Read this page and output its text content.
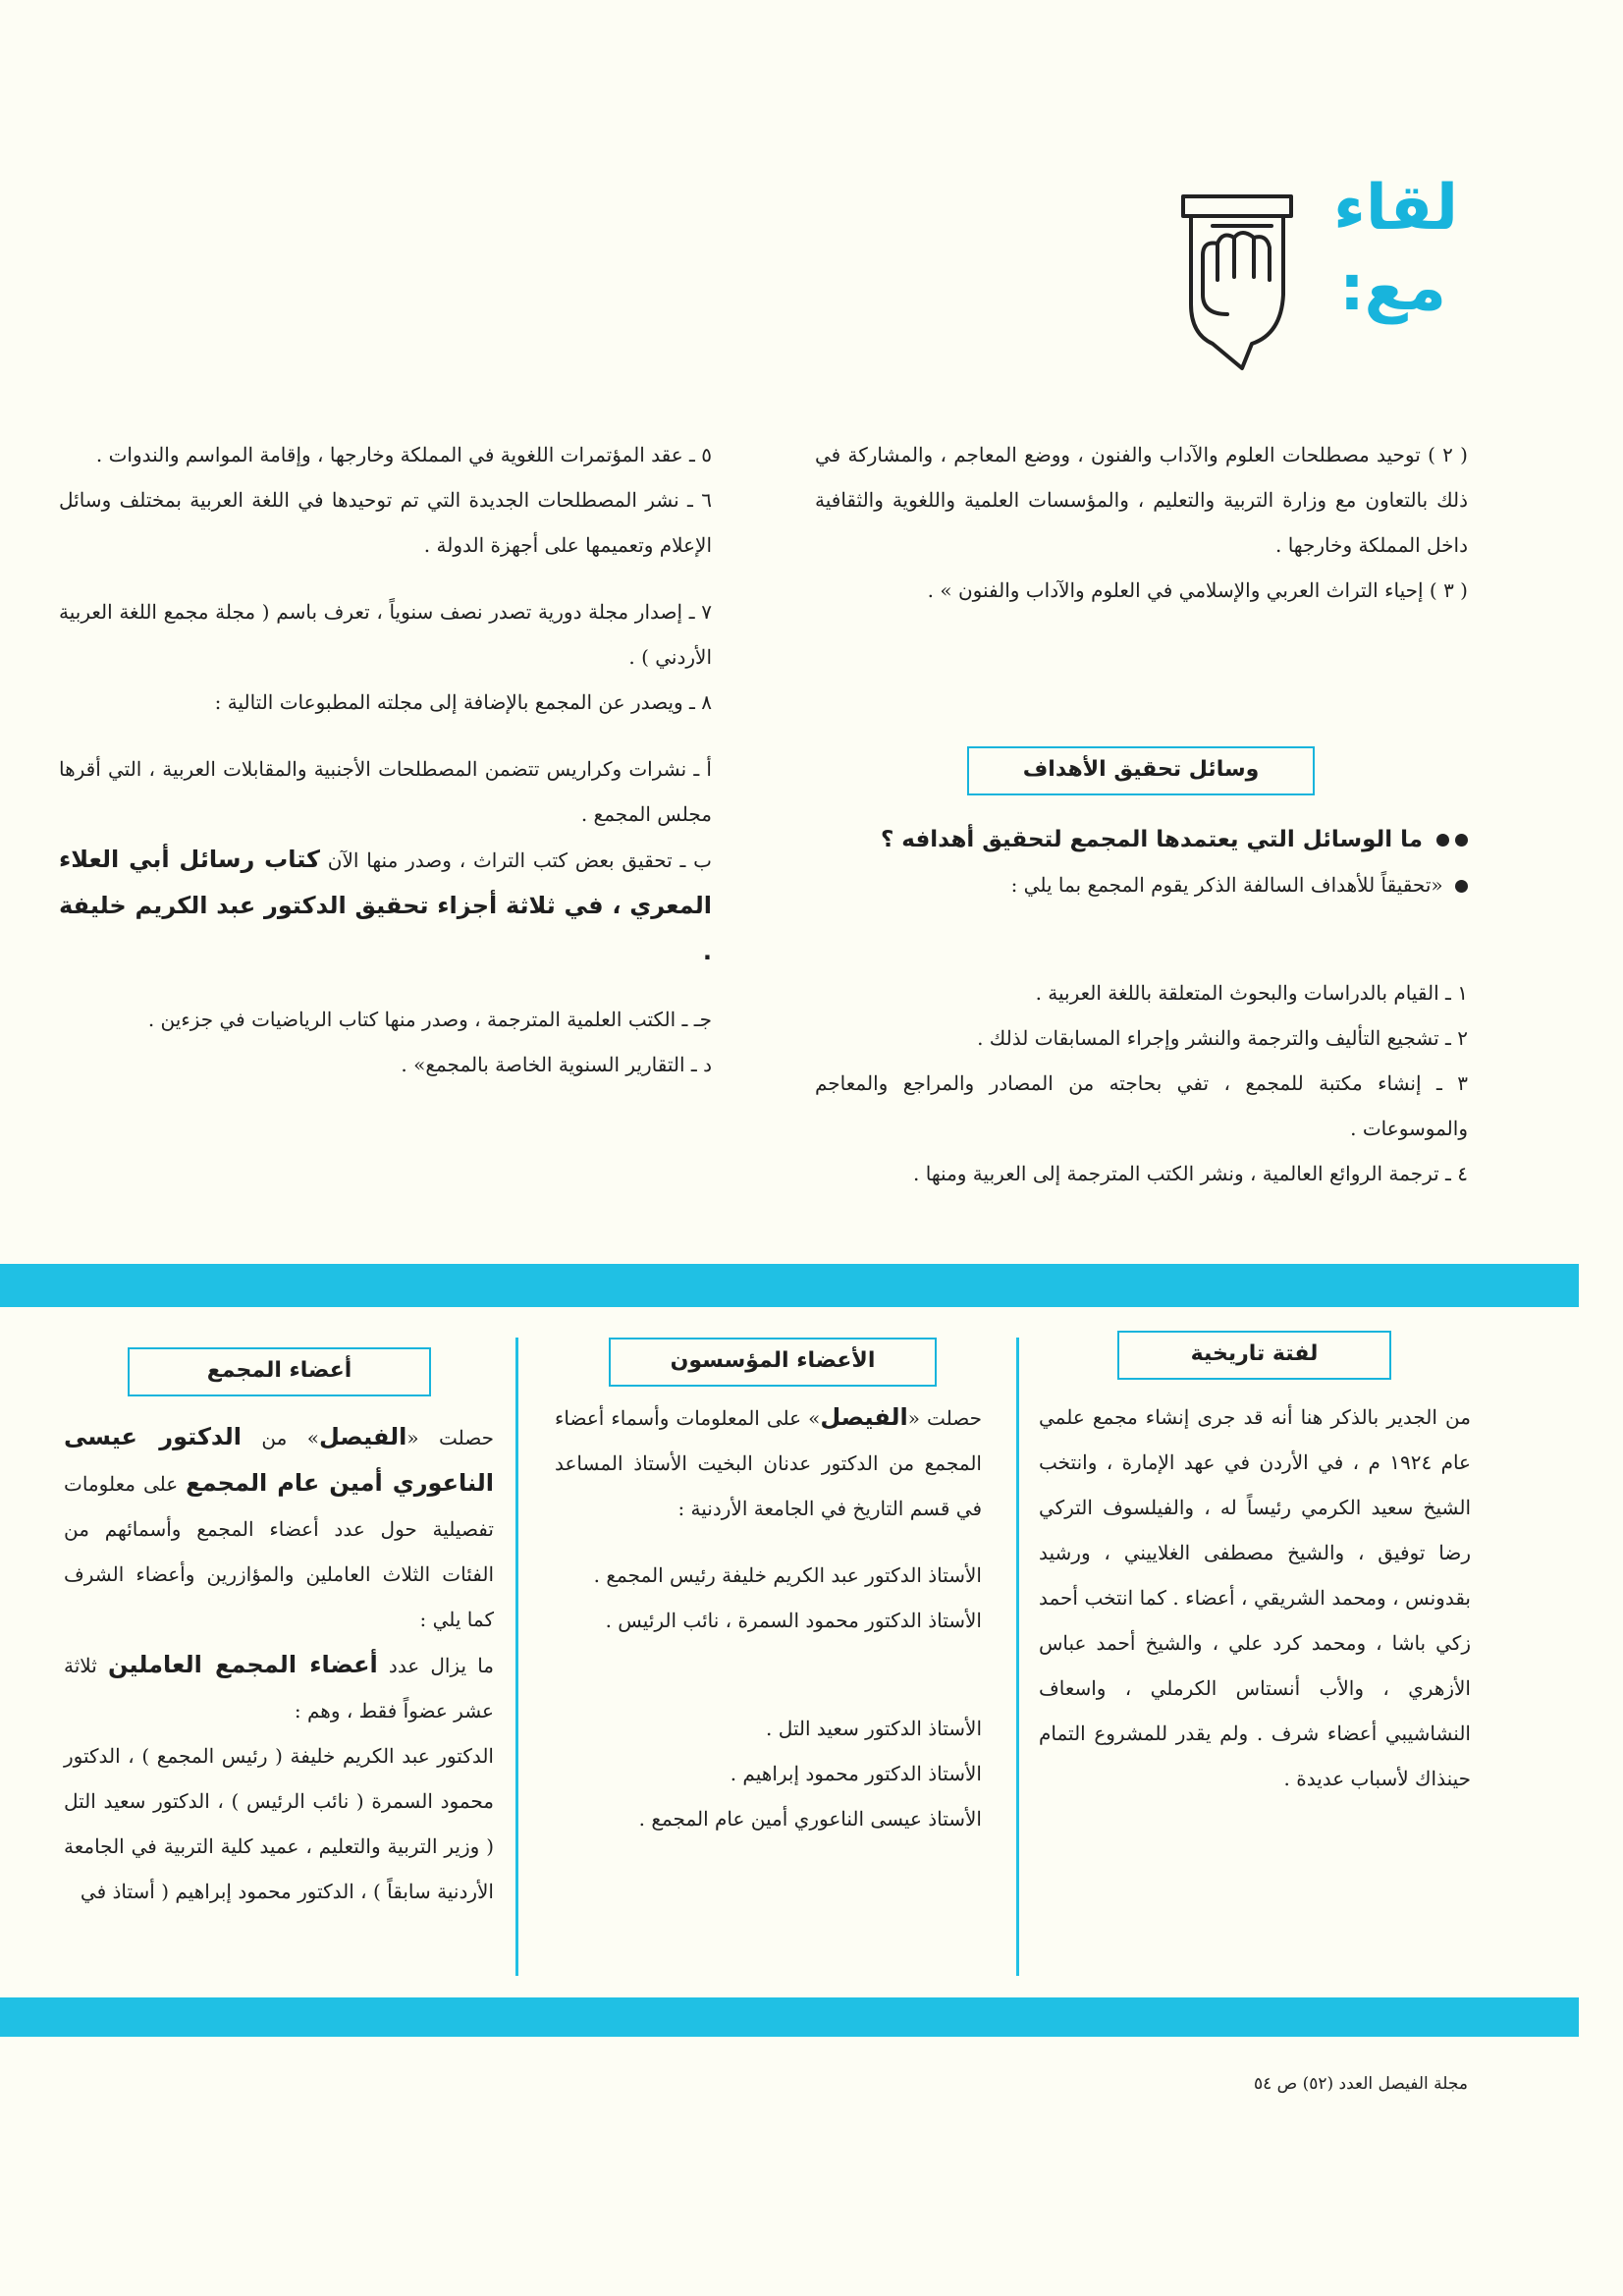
لقاء
مع:

( ٢ ) توحيد مصطلحات العلوم والآداب والفنون ، ووضع المعاجم ، والمشاركة في ذلك بالتعاون مع وزارة التربية والتعليم ، والمؤسسات العلمية واللغوية والثقافية داخل المملكة وخارجها .

( ٣ ) إحياء التراث العربي والإسلامي في العلوم والآداب والفنون » .

وسائل تحقيق الأهداف

ما الوسائل التي يعتمدها المجمع لتحقيق أهدافه ؟

«تحقيقاً للأهداف السالفة الذكر يقوم المجمع بما يلي :

١ ـ القيام بالدراسات والبحوث المتعلقة باللغة العربية .

٢ ـ تشجيع التأليف والترجمة والنشر وإجراء المسابقات لذلك .

٣ ـ إنشاء مكتبة للمجمع ، تفي بحاجته من المصادر والمراجع والمعاجم والموسوعات .

٤ ـ ترجمة الروائع العالمية ، ونشر الكتب المترجمة إلى العربية ومنها .

٥ ـ عقد المؤتمرات اللغوية في المملكة وخارجها ، وإقامة المواسم والندوات .

٦ ـ نشر المصطلحات الجديدة التي تم توحيدها في اللغة العربية بمختلف وسائل الإعلام وتعميمها على أجهزة الدولة .

٧ ـ إصدار مجلة دورية تصدر نصف سنوياً ، تعرف باسم ( مجلة مجمع اللغة العربية الأردني ) .

٨ ـ ويصدر عن المجمع بالإضافة إلى مجلته المطبوعات التالية :

أ ـ نشرات وكراريس تتضمن المصطلحات الأجنبية والمقابلات العربية ، التي أقرها مجلس المجمع .

ب ـ تحقيق بعض كتب التراث ، وصدر منها الآن كتاب رسائل أبي العلاء المعري ، في ثلاثة أجزاء تحقيق الدكتور عبد الكريم خليفة .

جـ ـ الكتب العلمية المترجمة ، وصدر منها كتاب الرياضيات في جزءين .

د ـ التقارير السنوية الخاصة بالمجمع» .

لفتة تاريخية
الأعضاء المؤسسون
أعضاء المجمع

من الجدير بالذكر هنا أنه قد جرى إنشاء مجمع علمي عام ١٩٢٤ م ، في الأردن في عهد الإمارة ، وانتخب الشيخ سعيد الكرمي رئيساً له ، والفيلسوف التركي رضا توفيق ، والشيخ مصطفى الغلاييني ، ورشيد بقدونس ، ومحمد الشريقي ، أعضاء . كما انتخب أحمد زكي باشا ، ومحمد كرد علي ، والشيخ أحمد عباس الأزهري ، والأب أنستاس الكرملي ، واسعاف النشاشيبي أعضاء شرف . ولم يقدر للمشروع التمام حينذاك لأسباب عديدة .

حصلت «الفيصل» على المعلومات وأسماء أعضاء المجمع من الدكتور عدنان البخيت الأستاذ المساعد في قسم التاريخ في الجامعة الأردنية :

الأستاذ الدكتور عبد الكريم خليفة رئيس المجمع .

الأستاذ الدكتور محمود السمرة ، نائب الرئيس .

الأستاذ الدكتور سعيد التل .

الأستاذ الدكتور محمود إبراهيم .

الأستاذ عيسى الناعوري أمين عام المجمع .

حصلت «الفيصل» من الدكتور عيسى الناعوري أمين عام المجمع على معلومات تفصيلية حول عدد أعضاء المجمع وأسمائهم من الفئات الثلاث العاملين والمؤازرين وأعضاء الشرف كما يلي :

ما يزال عدد أعضاء المجمع العاملين ثلاثة عشر عضواً فقط ، وهم :

الدكتور عبد الكريم خليفة ( رئيس المجمع ) ، الدكتور محمود السمرة ( نائب الرئيس ) ، الدكتور سعيد التل ( وزير التربية والتعليم ، عميد كلية التربية في الجامعة الأردنية سابقاً ) ، الدكتور محمود إبراهيم ( أستاذ في

مجلة الفيصل العدد (٥٢) ص ٥٤
